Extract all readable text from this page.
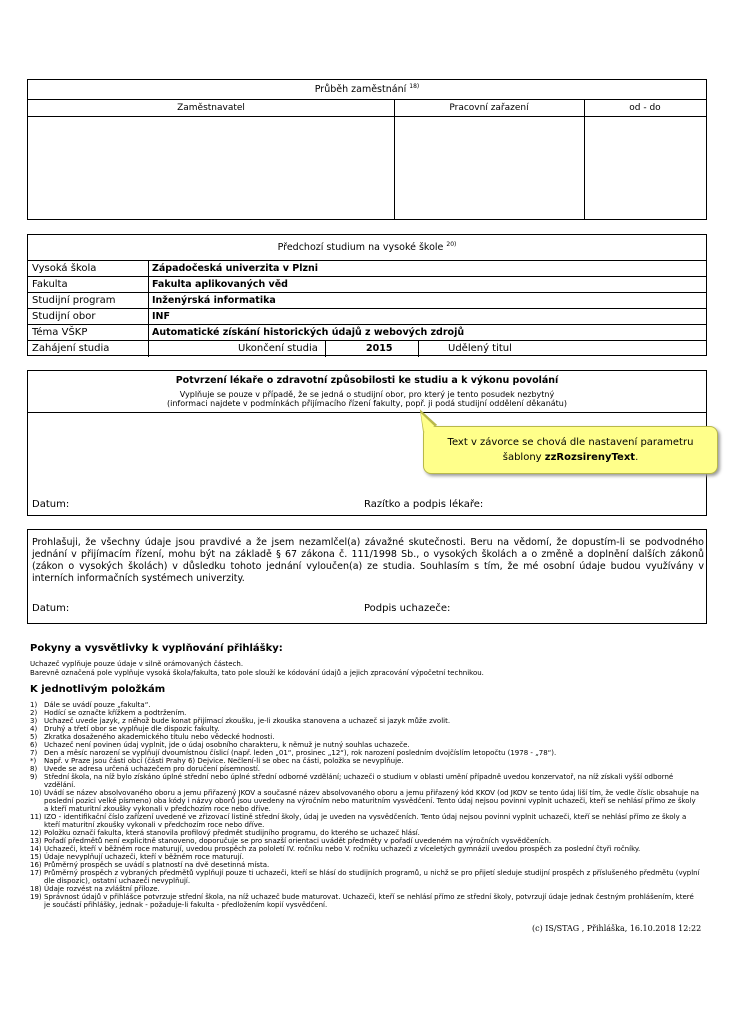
Průběh zaměstnání $^{18)}$
Zaměstnavatel	Pracovní zařazení	od - do
Předchozí studium na vysoké škole $^{20)}$
Vysoká škola	Západočeská univerzita v Plzni
Fakulta	Fakulta aplikovaných věd
Studijní program	Inženýrská informatika
Studijní obor	INF
Téma VŠKP	Automatické získání historických údajů z webových zdrojů
Zahájení studia	Ukončení studia	2015	Udělený titul
Potvrzení lékaře o zdravotní způsobilosti ke studiu a k výkonu povolání
Vyplňuje se pouze v případě, že se jedná o studijní obor, pro který je tento posudek nezbytný
(informaci najdete v podmínkách přijímacího řízení fakulty, popř. ji podá studijní oddělení děkanátu)
Datum:	Razítko a podpis lékaře:
Text v závorce se chová dle nastavení parametru
šablony zzRozsirenyText.
Prohlašuji, že všechny údaje jsou pravdivé a že jsem nezamlčel(a) závažné skutečnosti. Beru na vědomí, že dopustím-li se podvodného jednání v přijímacím řízení, mohu být na základě § 67 zákona č. 111/1998 Sb., o vysokých školách a o změně a doplnění dalších zákonů (zákon o vysokých školách) v důsledku tohoto jednání vyloučen(a) ze studia. Souhlasím s tím, že mé osobní údaje budou využívány v interních informačních systémech univerzity.
Datum:	Podpis uchazeče:
Pokyny a vysvětlivky k vyplňování přihlášky:
Uchazeč vyplňuje pouze údaje v silně orámovaných částech.
Barevně označená pole vyplňuje vysoká škola/fakulta, tato pole slouží ke kódování údajů a jejich zpracování výpočetní technikou.
K jednotlivým položkám
1) Dále se uvádí pouze „fakulta“.
2) Hodící se označte křížkem a podtržením.
3) Uchazeč uvede jazyk, z něhož bude konat přijímací zkoušku, je-li zkouška stanovena a uchazeč si jazyk může zvolit.
4) Druhý a třetí obor se vyplňuje dle dispozic fakulty.
5) Zkratka dosaženého akademického titulu nebo vědecké hodnosti.
6) Uchazeč není povinen údaj vyplnit, jde o údaj osobního charakteru, k němuž je nutný souhlas uchazeče.
7) Den a měsíc narození se vyplňují dvoumístnou číslicí (např. leden „01“, prosinec „12“), rok narození posledním dvojčíslím letopočtu (1978 - „78“).
*)	Např. v Praze jsou části obcí (části Prahy 6) Dejvice. Nečlení-li se obec na části, položka se nevyplňuje.
8) Uvede se adresa určená uchazečem pro doručení písemností.
9) Střední škola, na níž bylo získáno úplné střední nebo úplné střední odborné vzdělání; uchazeči o studium v oblasti umění případně uvedou konzervatoř, na níž získali vyšší odborné vzdělání.
10) Uvádí se název absolvovaného oboru a jemu přiřazený JKOV a současné název absolvovaného oboru a jemu přiřazený kód KKOV (od JKOV se tento údaj liší tím, že vedle číslic obsahuje na poslední pozici velké písmeno) oba kódy i názvy oborů jsou uvedeny na výročním nebo maturitním vysvědčení. Tento údaj nejsou povinni vyplnit uchazeči, kteří se nehlásí přímo ze školy a kteří maturitní zkoušky vykonali v předchozím roce nebo dříve.
11) IZO - identifikační číslo zařízení uvedené ve zřizovací listině střední školy, údaj je uveden na vysvědčeních. Tento údaj nejsou povinni vyplnit uchazeči, kteří se nehlásí přímo ze školy a kteří maturitní zkoušky vykonali v předchozím roce nebo dříve.
12) Položku označí fakulta, která stanovila profilový předmět studijního programu, do kterého se uchazeč hlásí.
13) Pořadí předmětů není explicitně stanoveno, doporučuje se pro snazší orientaci uvádět předměty v pořadí uvedeném na výročních vysvědčeních.
14) Uchazeči, kteří v běžném roce maturují, uvedou prospěch za pololetí IV. ročníku nebo V. ročníku uchazeči z víceletých gymnázií uvedou prospěch za poslední čtyři ročníky.
15) Údaje nevyplňují uchazeči, kteří v běžném roce maturují.
16) Průměrný prospěch se uvádí s platností na dvě desetinná místa.
17) Průměrný prospěch z vybraných předmětů vyplňují pouze ti uchazeči, kteří se hlásí do studijních programů, u nichž se pro přijetí sleduje studijní prospěch z příslušeného předmětu (vyplní dle dispozic), ostatní uchazeči nevyplňují.
18) Údaje rozvést na zvláštní příloze.
19) Správnost údajů v přihlášce potvrzuje střední škola, na níž uchazeč bude maturovat. Uchazeči, kteří se nehlásí přímo ze střední školy, potvrzují údaje jednak čestným prohlášením, které je součástí přihlášky, jednak - požaduje-li fakulta - předložením kopií vysvědčení.
(c) IS/STAG , Přihláška, 16.10.2018 12:22
